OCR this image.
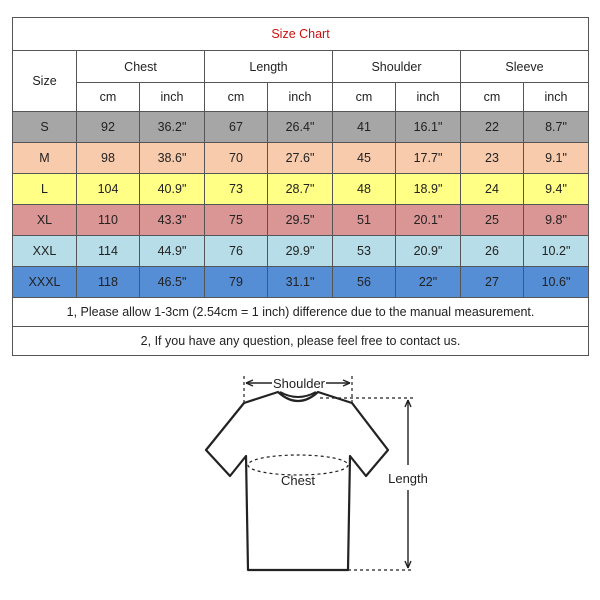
Size Chart								
Size	Chest		Length		Shoulder		Sleeve	
	cm	inch	cm	inch	cm	inch	cm	inch
S	92	36.2"	67	26.4"	41	16.1"	22	8.7"
M	98	38.6"	70	27.6"	45	17.7"	23	9.1"
L	104	40.9"	73	28.7"	48	18.9"	24	9.4"
XL	110	43.3"	75	29.5"	51	20.1"	25	9.8"
XXL	114	44.9"	76	29.9"	53	20.9"	26	10.2"
XXXL	118	46.5"	79	31.1"	56	22"	27	10.6"
1, Please allow 1-3cm (2.54cm = 1 inch) difference due to the manual measurement.								
2, If you have any question, please feel free to contact us.								
Shoulder
Chest	Length
